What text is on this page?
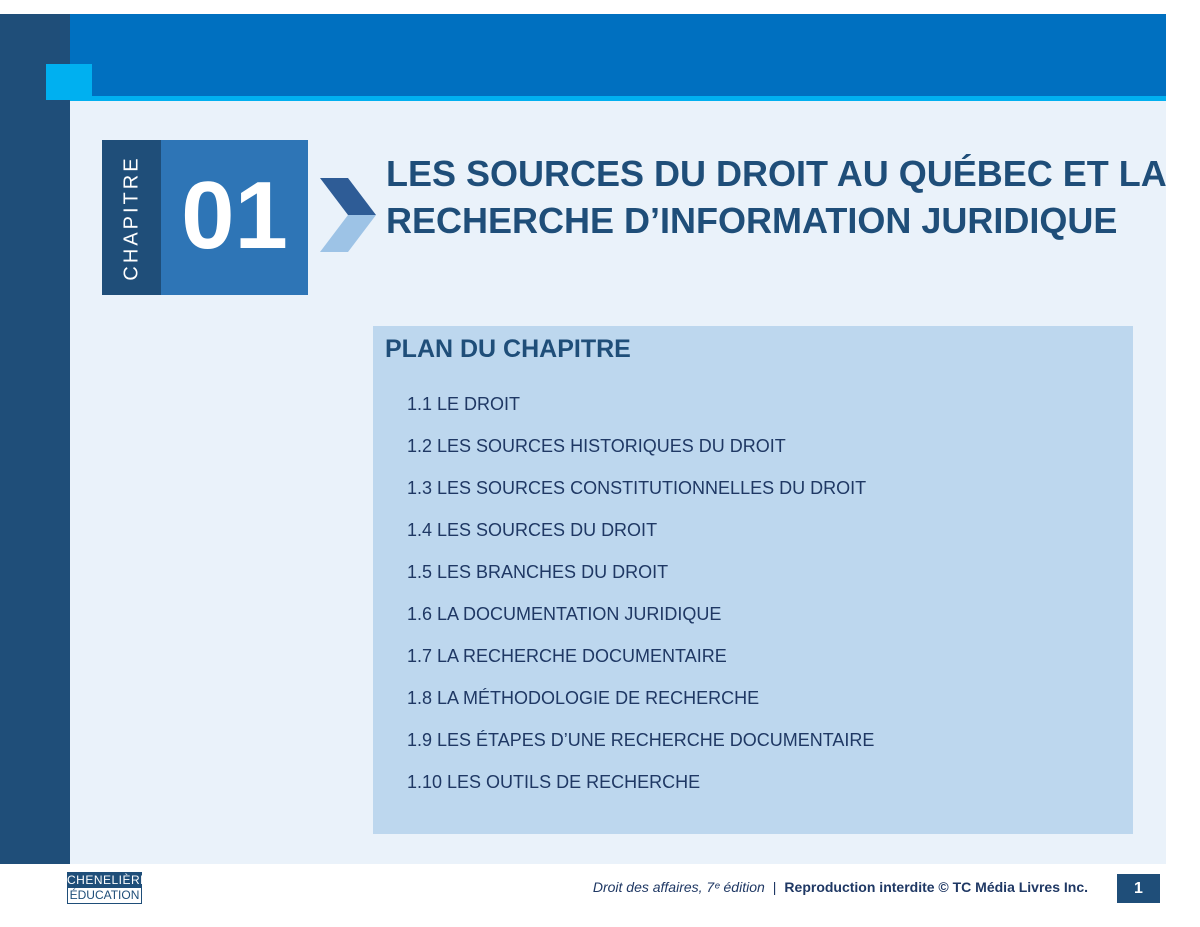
CHAPITRE 01	LES SOURCES DU DROIT AU QUÉBEC ET LA RECHERCHE D’INFORMATION JURIDIQUE
PLAN DU CHAPITRE
1.1 LE DROIT
1.2 LES SOURCES HISTORIQUES DU DROIT
1.3 LES SOURCES CONSTITUTIONNELLES DU DROIT
1.4 LES SOURCES DU DROIT
1.5 LES BRANCHES DU DROIT
1.6 LA DOCUMENTATION JURIDIQUE
1.7 LA RECHERCHE DOCUMENTAIRE
1.8 LA MÉTHODOLOGIE DE RECHERCHE
1.9 LES ÉTAPES D’UNE RECHERCHE DOCUMENTAIRE
1.10 LES OUTILS DE RECHERCHE
CHENELIÈRE
ÉDUCATION	Droit des affaires, 7ᵉ édition | Reproduction interdite © TC Média Livres Inc.	1
